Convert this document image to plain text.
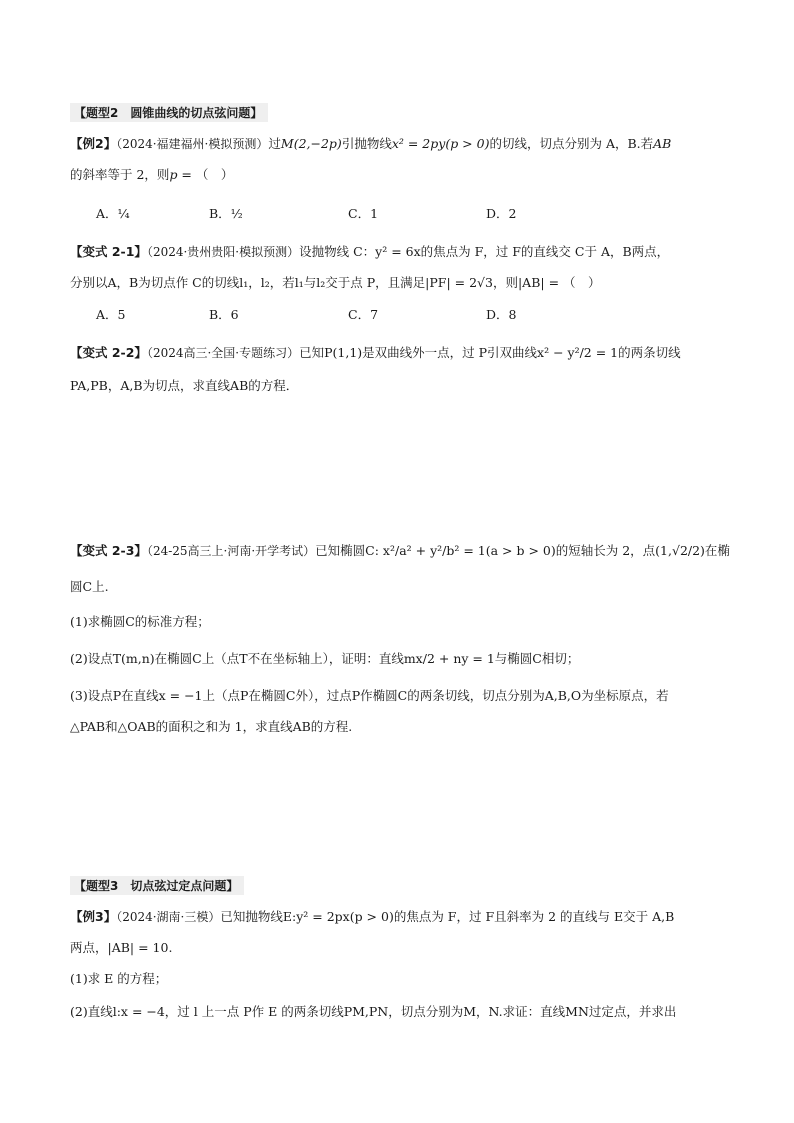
【题型2　圆锥曲线的切点弦问题】
【例2】（2024·福建福州·模拟预测）过M(2,−2p)引抛物线x² = 2py(p > 0)的切线，切点分别为 A，B.若AB
的斜率等于 2，则p = （　）
A．¼	B．½	C．1	D．2
【变式 2-1】（2024·贵州贵阳·模拟预测）设抛物线 C：y² = 6x的焦点为 F，过 F的直线交 C于 A，B两点，
分别以A，B为切点作 C的切线l₁，l₂，若l₁与l₂交于点 P，且满足|PF| = 2√3，则|AB| = （　）
A．5	B．6	C．7	D．8
【变式 2-2】（2024高三·全国·专题练习）已知P(1,1)是双曲线外一点，过 P引双曲线x² − y²/2 = 1的两条切线
PA,PB，A,B为切点，求直线AB的方程．
【变式 2-3】（24-25高三上·河南·开学考试）已知椭圆C: x²/a² + y²/b² = 1(a > b > 0)的短轴长为 2，点(1,√2/2)在椭
圆C上.
(1)求椭圆C的标准方程；
(2)设点T(m,n)在椭圆C上（点T不在坐标轴上），证明：直线mx/2 + ny = 1与椭圆C相切；
(3)设点P在直线x = −1上（点P在椭圆C外），过点P作椭圆C的两条切线，切点分别为A,B,O为坐标原点，若
△PAB和△OAB的面积之和为 1，求直线AB的方程.
【题型3　切点弦过定点问题】
【例3】（2024·湖南·三模）已知抛物线E:y² = 2px(p > 0)的焦点为 F，过 F且斜率为 2 的直线与 E交于 A,B
两点，|AB| = 10.
(1)求 E 的方程；
(2)直线l:x = −4，过 l 上一点 P作 E 的两条切线PM,PN，切点分别为M，N.求证：直线MN过定点，并求出
